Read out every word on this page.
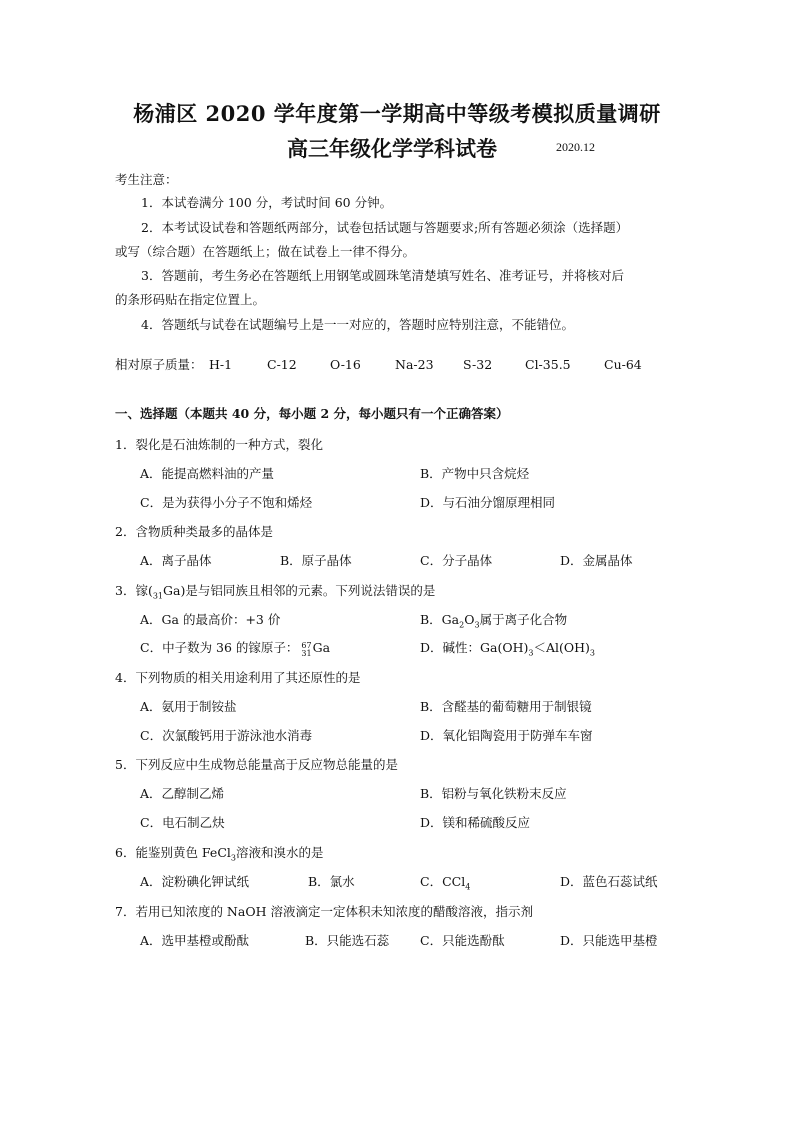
杨浦区 2020 学年度第一学期高中等级考模拟质量调研
高三年级化学学科试卷	2020.12
考生注意：
1．本试卷满分 100 分，考试时间 60 分钟。
2．本考试设试卷和答题纸两部分，试卷包括试题与答题要求;所有答题必须涂（选择题）
或写（综合题）在答题纸上；做在试卷上一律不得分。
3．答题前，考生务必在答题纸上用钢笔或圆珠笔清楚填写姓名、准考证号，并将核对后
的条形码贴在指定位置上。
4．答题纸与试卷在试题编号上是一一对应的，答题时应特别注意，不能错位。
相对原子质量： H-1	C-12	O-16	Na-23 S-32	Cl-35.5	Cu-64
一、选择题（本题共 40 分，每小题 2 分，每小题只有一个正确答案）
1．裂化是石油炼制的一种方式，裂化
A．能提高燃料油的产量	B．产物中只含烷烃
C．是为获得小分子不饱和烯烃	D．与石油分馏原理相同
2．含物质种类最多的晶体是
A．离子晶体	B．原子晶体	C．分子晶体	D．金属晶体
3．镓$(_{31}Ga)$是与铝同族且相邻的元素。下列说法错误的是
A．Ga 的最高价：+3 价	B．$Ga_2O_3$属于离子化合物
C．中子数为 36 的镓原子： 67
31Ga	D．碱性：$Ga(OH)_3<Al(OH)_3$
4．下列物质的相关用途利用了其还原性的是
A．氨用于制铵盐	B．含醛基的葡萄糖用于制银镜
C．次氯酸钙用于游泳池水消毒	D．氧化铝陶瓷用于防弹车车窗
5．下列反应中生成物总能量高于反应物总能量的是
A．乙醇制乙烯	B．铝粉与氧化铁粉末反应
C．电石制乙炔	D．镁和稀硫酸反应
6．能鉴别黄色 FeCl$_3$溶液和溴水的是
A．淀粉碘化钾试纸	B．氯水	C．CCl$_4$	D．蓝色石蕊试纸
7．若用已知浓度的 NaOH 溶液滴定一定体积未知浓度的醋酸溶液，指示剂
A．选甲基橙或酚酞	B．只能选石蕊 C．只能选酚酞	D．只能选甲基橙
